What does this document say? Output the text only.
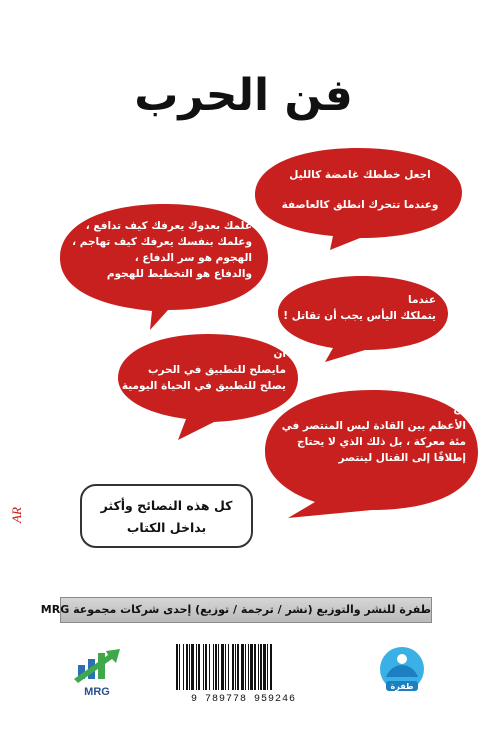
فن الحرب
اجعل خططك غامضة كالليل
وعندما تتحرك انطلق كالعاصفة
علمك بعدوك يعرفك كيف تدافع ،
وعلمك بنفسك يعرفك كيف تهاجم ،
الهجوم هو سر الدفاع ،
والدفاع هو التخطيط للهجوم
عندما
يتملكك اليأس يجب أن تقاتل !
ان
مايصلح للتطبيق في الحرب
يصلح للتطبيق في الحياة اليومية
إن
الأعظم بين القادة ليس المنتصر في
مئة معركة ، بل ذلك الذي لا يحتاج
إطلاقًا إلى القتال لينتصر
AR
كل هذه النصائح وأكثر
بداخل الكتاب
طفرة للنشر والتوزيع (نشر / ترجمة / توزيع) إحدى شركات مجموعة MRG
MRG
9 789778 959246
طفرة
